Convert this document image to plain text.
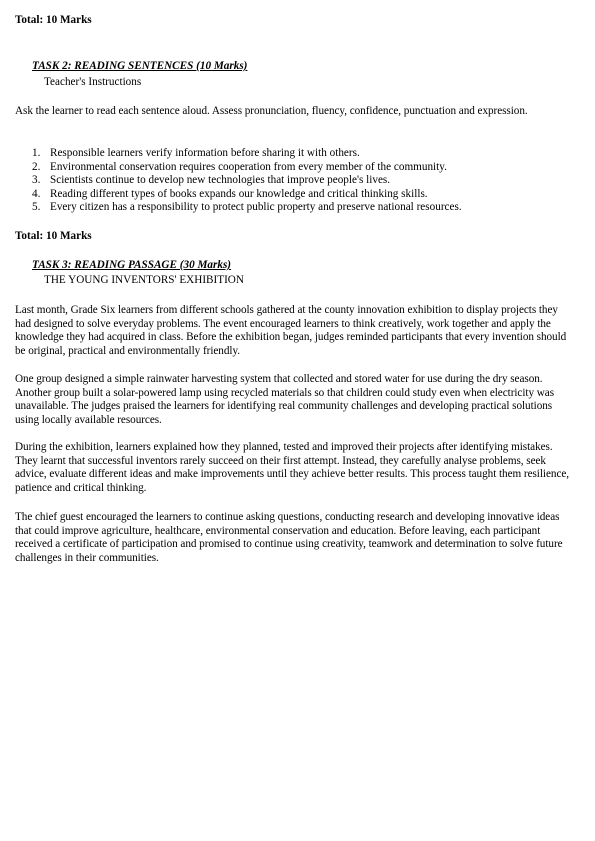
Total: 10 Marks
TASK 2: READING SENTENCES (10 Marks)
Teacher's Instructions

Ask the learner to read each sentence aloud. Assess pronunciation, fluency, confidence, punctuation and expression.

1. Responsible learners verify information before sharing it with others.
2. Environmental conservation requires cooperation from every member of the community.
3. Scientists continue to develop new technologies that improve people's lives.
4. Reading different types of books expands our knowledge and critical thinking skills.
5. Every citizen has a responsibility to protect public property and preserve national resources.
Total: 10 Marks
TASK 3: READING PASSAGE (30 Marks)
THE YOUNG INVENTORS' EXHIBITION

Last month, Grade Six learners from different schools gathered at the county innovation exhibition to display projects they had designed to solve everyday problems. The event encouraged learners to think creatively, work together and apply the knowledge they had acquired in class. Before the exhibition began, judges reminded participants that every invention should be original, practical and environmentally friendly.

One group designed a simple rainwater harvesting system that collected and stored water for use during the dry season. Another group built a solar-powered lamp using recycled materials so that children could study even when electricity was unavailable. The judges praised the learners for identifying real community challenges and developing practical solutions using locally available resources.

During the exhibition, learners explained how they planned, tested and improved their projects after identifying mistakes. They learnt that successful inventors rarely succeed on their first attempt. Instead, they carefully analyse problems, seek advice, evaluate different ideas and make improvements until they achieve better results. This process taught them resilience, patience and critical thinking.

The chief guest encouraged the learners to continue asking questions, conducting research and developing innovative ideas that could improve agriculture, healthcare, environmental conservation and education. Before leaving, each participant received a certificate of participation and promised to continue using creativity, teamwork and determination to solve future challenges in their communities.
